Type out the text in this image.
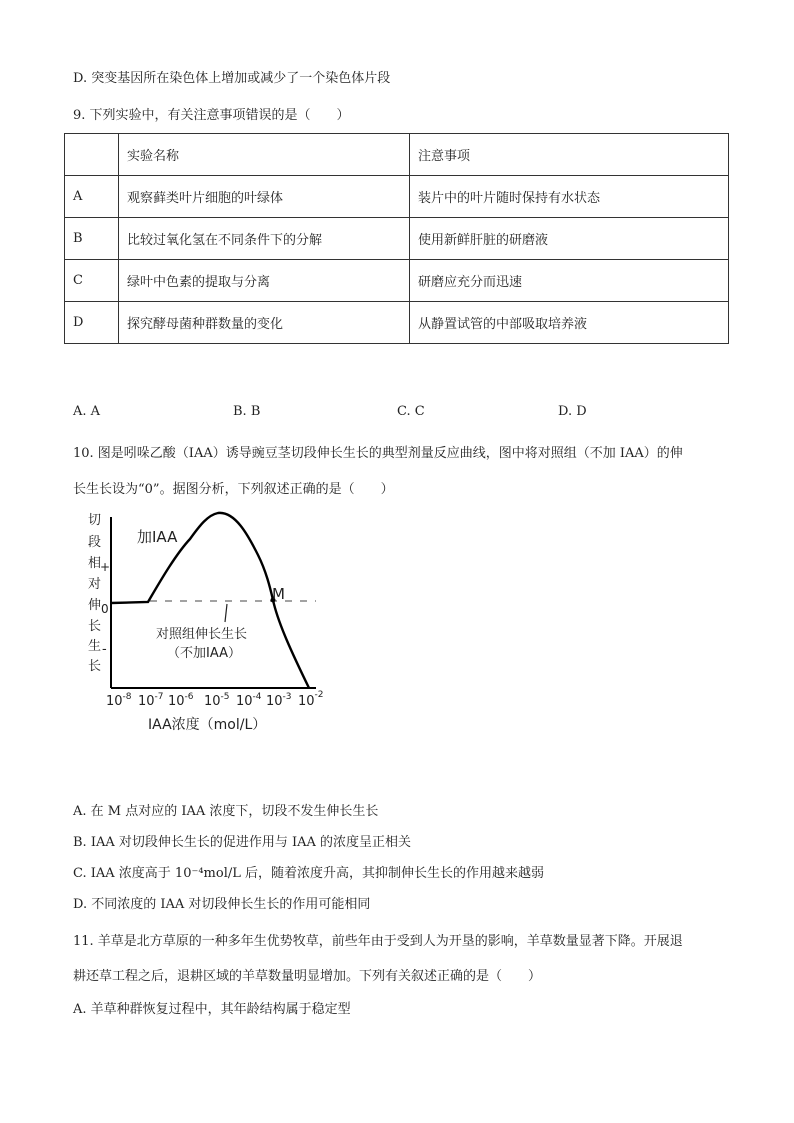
D. 突变基因所在染色体上增加或减少了一个染色体片段
9. 下列实验中，有关注意事项错误的是（　　）
	实验名称	注意事项
A	观察藓类叶片细胞的叶绿体	装片中的叶片随时保持有水状态
B	比较过氧化氢在不同条件下的分解	使用新鲜肝脏的研磨液
C	绿叶中色素的提取与分离	研磨应充分而迅速
D	探究酵母菌种群数量的变化	从静置试管的中部吸取培养液
A. A	B. B	C. C	D. D
10. 图是吲哚乙酸（IAA）诱导豌豆茎切段伸长生长的典型剂量反应曲线，图中将对照组（不加 IAA）的伸
长生长设为“0”。据图分析，下列叙述正确的是（　　）
切
段
相
对
伸
长
生
长
+
0
-
M
加IAA
对照组伸长生长
（不加IAA）
$10^{-8}$ $10^{-7}$ $10^{-6}$ $10^{-5}$ $10^{-4}$ $10^{-3}$ $10^{-2}$
IAA浓度（mol/L）
A. 在 M 点对应的 IAA 浓度下，切段不发生伸长生长
B. IAA 对切段伸长生长的促进作用与 IAA 的浓度呈正相关
C. IAA 浓度高于 10⁻⁴mol/L 后，随着浓度升高，其抑制伸长生长的作用越来越弱
D. 不同浓度的 IAA 对切段伸长生长的作用可能相同
11. 羊草是北方草原的一种多年生优势牧草，前些年由于受到人为开垦的影响，羊草数量显著下降。开展退
耕还草工程之后，退耕区域的羊草数量明显增加。下列有关叙述正确的是（　　）
A. 羊草种群恢复过程中，其年龄结构属于稳定型
